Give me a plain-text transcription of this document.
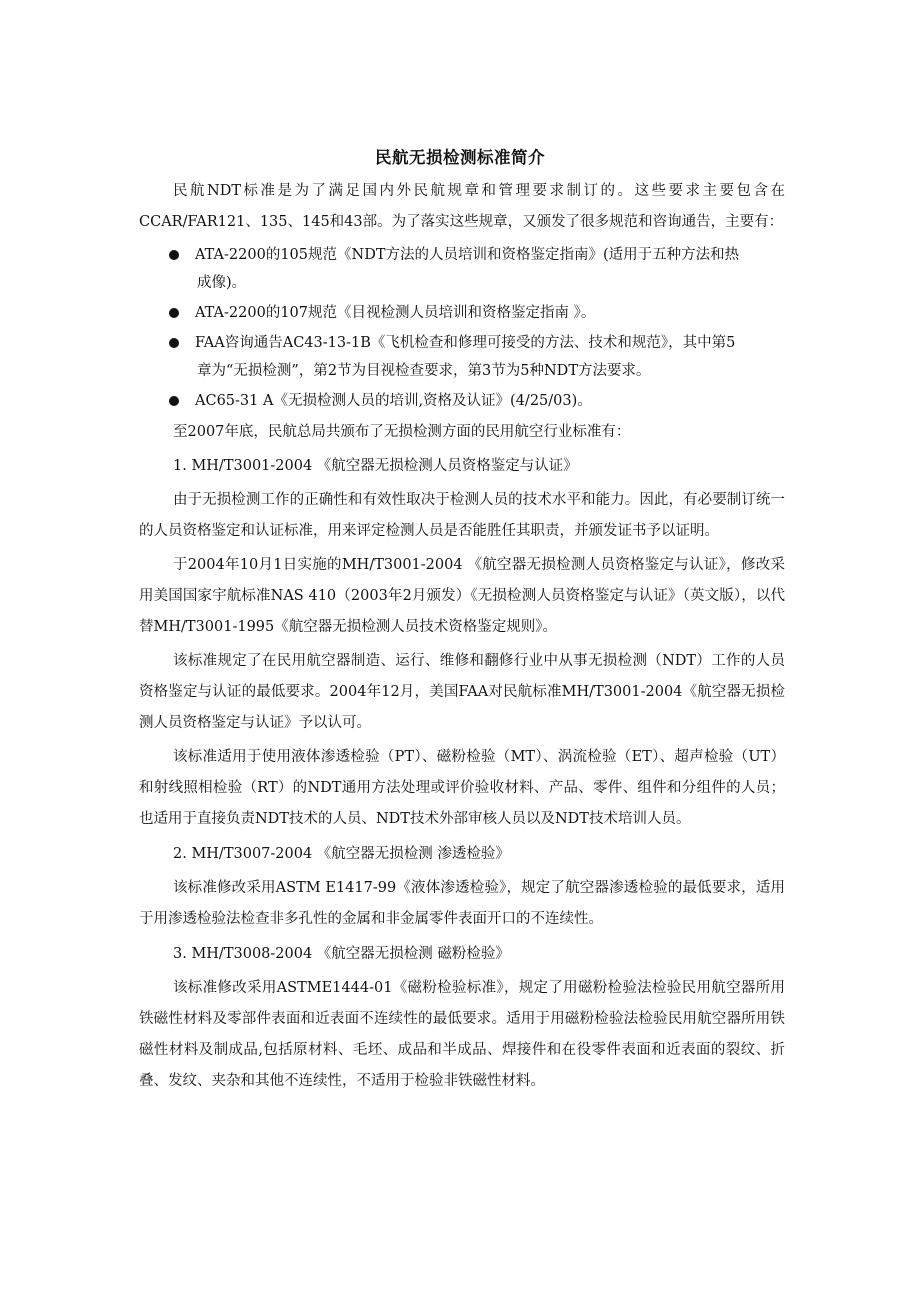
民航无损检测标准简介

民航NDT标准是为了满足国内外民航规章和管理要求制订的。这些要求主要包含在CCAR/FAR121、135、145和43部。为了落实这些规章，又颁发了很多规范和咨询通告，主要有：

ATA-2200的105规范《NDT方法的人员培训和资格鉴定指南》(适用于五种方法和热
成像)。
ATA-2200的107规范《目视检测人员培训和资格鉴定指南 》。
FAA咨询通告AC43-13-1B《飞机检查和修理可接受的方法、技术和规范》，其中第5
章为“无损检测”，第2节为目视检查要求，第3节为5种NDT方法要求。
AC65-31 A《无损检测人员的培训,资格及认证》(4/25/03)。

至2007年底，民航总局共颁布了无损检测方面的民用航空行业标准有：

1. MH/T3001-2004 《航空器无损检测人员资格鉴定与认证》

由于无损检测工作的正确性和有效性取决于检测人员的技术水平和能力。因此，有必要制订统一的人员资格鉴定和认证标准，用来评定检测人员是否能胜任其职责，并颁发证书予以证明。

于2004年10月1日实施的MH/T3001-2004 《航空器无损检测人员资格鉴定与认证》，修改采用美国国家宇航标准NAS 410（2003年2月颁发）《无损检测人员资格鉴定与认证》（英文版），以代替MH/T3001-1995《航空器无损检测人员技术资格鉴定规则》。

该标准规定了在民用航空器制造、运行、维修和翻修行业中从事无损检测（NDT）工作的人员资格鉴定与认证的最低要求。2004年12月，美国FAA对民航标准MH/T3001-2004《航空器无损检测人员资格鉴定与认证》予以认可。

该标准适用于使用液体渗透检验（PT）、磁粉检验（MT）、涡流检验（ET）、超声检验（UT）和射线照相检验（RT）的NDT通用方法处理或评价验收材料、产品、零件、组件和分组件的人员；也适用于直接负责NDT技术的人员、NDT技术外部审核人员以及NDT技术培训人员。

2. MH/T3007-2004 《航空器无损检测 渗透检验》

该标准修改采用ASTM E1417-99《液体渗透检验》，规定了航空器渗透检验的最低要求，适用于用渗透检验法检查非多孔性的金属和非金属零件表面开口的不连续性。

3. MH/T3008-2004 《航空器无损检测 磁粉检验》

该标准修改采用ASTME1444-01《磁粉检验标准》，规定了用磁粉检验法检验民用航空器所用铁磁性材料及零部件表面和近表面不连续性的最低要求。适用于用磁粉检验法检验民用航空器所用铁磁性材料及制成品,包括原材料、毛坯、成品和半成品、焊接件和在役零件表面和近表面的裂纹、折叠、发纹、夹杂和其他不连续性，不适用于检验非铁磁性材料。
